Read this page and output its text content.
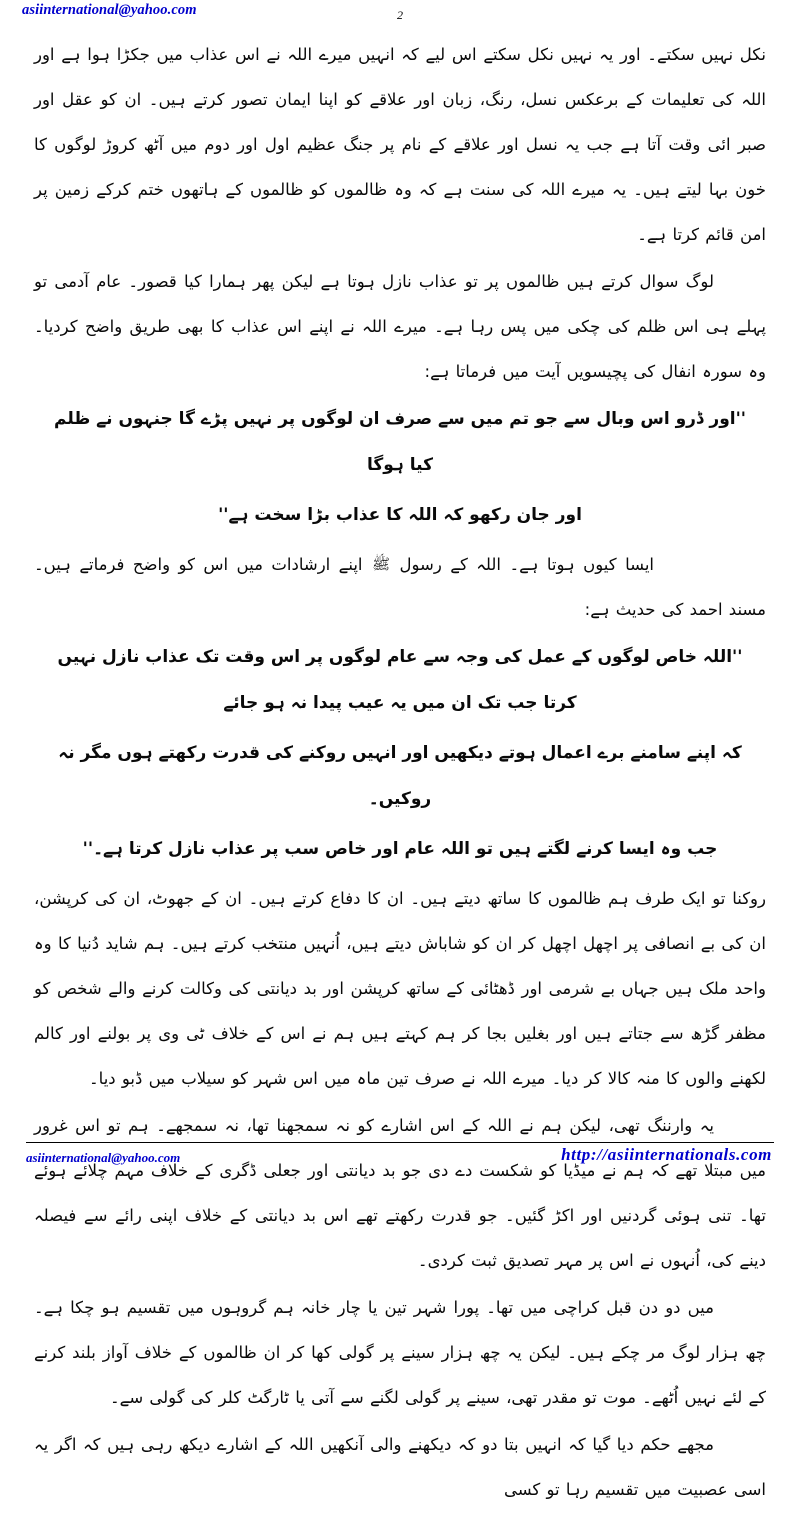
asiinternational@yahoo.com	2

نکل نہیں سکتے۔ اور یہ نہیں نکل سکتے اس لیے کہ انہیں میرے اللہ نے اس عذاب میں جکڑا ہوا ہے اور اللہ کی تعلیمات کے برعکس نسل، رنگ، زبان اور علاقے کو اپنا ایمان تصور کرتے ہیں۔ ان کو عقل اور صبر ائی وقت آتا ہے جب یہ نسل اور علاقے کے نام پر جنگ عظیم اول اور دوم میں آٹھ کروڑ لوگوں کا خون بہا لیتے ہیں۔ یہ میرے اللہ کی سنت ہے کہ وہ ظالموں کو ظالموں کے ہاتھوں ختم کرکے زمین پر امن قائم کرتا ہے۔

لوگ سوال کرتے ہیں ظالموں پر تو عذاب نازل ہوتا ہے لیکن پھر ہمارا کیا قصور۔ عام آدمی تو پہلے ہی اس ظلم کی چکی میں پس رہا ہے۔ میرے اللہ نے اپنے اس عذاب کا بھی طریق واضح کردیا۔ وہ سورہ انفال کی پچیسویں آیت میں فرماتا ہے:

''اور ڈرو اس وبال سے جو تم میں سے صرف ان لوگوں پر نہیں پڑے گا جنہوں نے ظلم کیا ہوگا

اور جان رکھو کہ اللہ کا عذاب بڑا سخت ہے''

ایسا کیوں ہوتا ہے۔ اللہ کے رسول ﷺ اپنے ارشادات میں اس کو واضح فرماتے ہیں۔ مسند احمد کی حدیث ہے:

''اللہ خاص لوگوں کے عمل کی وجہ سے عام لوگوں پر اس وقت تک عذاب نازل نہیں کرتا جب تک ان میں یہ عیب پیدا نہ ہو جائے

کہ اپنے سامنے برے اعمال ہوتے دیکھیں اور انہیں روکنے کی قدرت رکھتے ہوں مگر نہ روکیں۔

جب وہ ایسا کرنے لگتے ہیں تو اللہ عام اور خاص سب پر عذاب نازل کرتا ہے۔''

روکنا تو ایک طرف ہم ظالموں کا ساتھ دیتے ہیں۔ ان کا دفاع کرتے ہیں۔ ان کے جھوٹ، ان کی کرپشن، ان کی بے انصافی پر اچھل اچھل کر ان کو شاباش دیتے ہیں، اُنہیں منتخب کرتے ہیں۔ ہم شاید دُنیا کا وہ واحد ملک ہیں جہاں بے شرمی اور ڈھٹائی کے ساتھ کرپشن اور بد دیانتی کی وکالت کرنے والے شخص کو مظفر گڑھ سے جتاتے ہیں اور بغلیں بجا کر ہم کہتے ہیں ہم نے اس کے خلاف ٹی وی پر بولنے اور کالم لکھنے والوں کا منہ کالا کر دیا۔ میرے اللہ نے صرف تین ماہ میں اس شہر کو سیلاب میں ڈبو دیا۔

یہ وارننگ تھی، لیکن ہم نے اللہ کے اس اشارے کو نہ سمجھنا تھا، نہ سمجھے۔ ہم تو اس غرور میں مبتلا تھے کہ ہم نے میڈیا کو شکست دے دی جو بد دیانتی اور جعلی ڈگری کے خلاف مہم چلائے ہوئے تھا۔ تنی ہوئی گردنیں اور اکڑ گئیں۔ جو قدرت رکھتے تھے اس بد دیانتی کے خلاف اپنی رائے سے فیصلہ دینے کی، اُنہوں نے اس پر مہر تصدیق ثبت کردی۔

میں دو دن قبل کراچی میں تھا۔ پورا شہر تین یا چار خانہ ہم گروہوں میں تقسیم ہو چکا ہے۔ چھ ہزار لوگ مر چکے ہیں۔ لیکن یہ چھ ہزار سینے پر گولی کھا کر ان ظالموں کے خلاف آواز بلند کرنے کے لئے نہیں اُٹھے۔ موت تو مقدر تھی، سینے پر گولی لگنے سے آتی یا ٹارگٹ کلر کی گولی سے۔

مجھے حکم دیا گیا کہ انہیں بتا دو کہ دیکھنے والی آنکھیں اللہ کے اشارے دیکھ رہی ہیں کہ اگر یہ اسی عصبیت میں تقسیم رہا تو کسی

asiinternational@yahoo.com	http://asiinternationals.com
